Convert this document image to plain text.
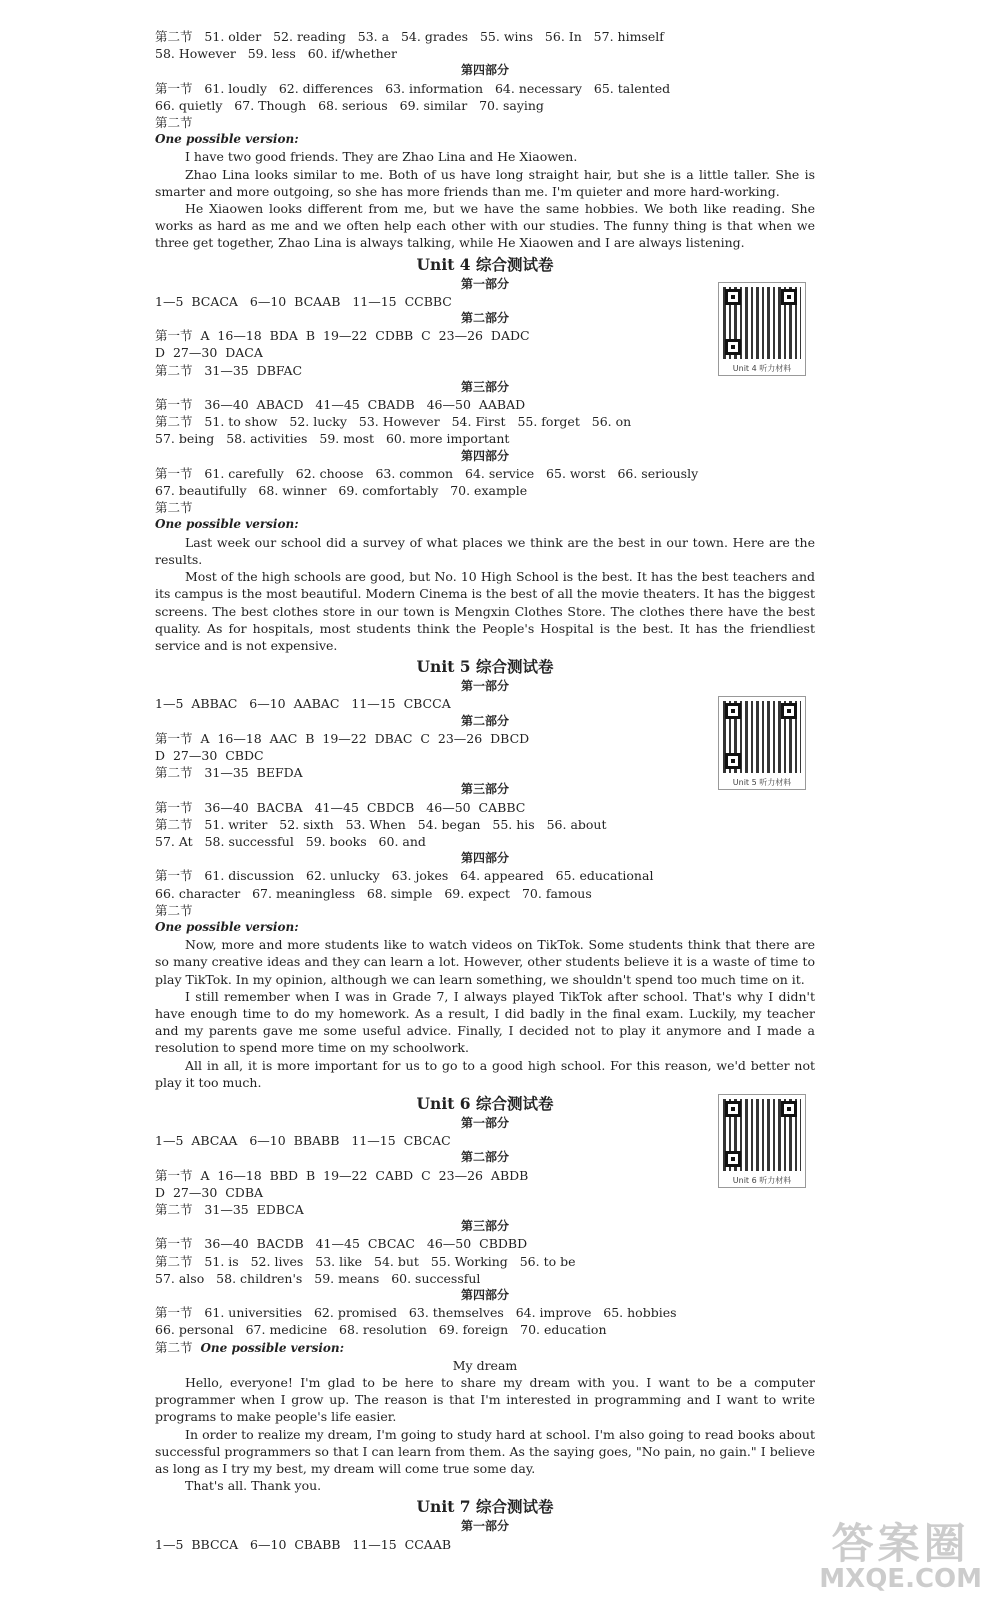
第二节   51. older   52. reading   53. a   54. grades   55. wins   56. In   57. himself

58. However   59. less   60. if/whether

第四部分

第一节   61. loudly   62. differences   63. information   64. necessary   65. talented

66. quietly   67. Though   68. serious   69. similar   70. saying

第二节

One possible version:

I have two good friends. They are Zhao Lina and He Xiaowen.

Zhao Lina looks similar to me. Both of us have long straight hair, but she is a little taller. She is smarter and more outgoing, so she has more friends than me. I'm quieter and more hard-working.

He Xiaowen looks different from me, but we have the same hobbies. We both like reading. She works as hard as me and we often help each other with our studies. The funny thing is that when we three get together, Zhao Lina is always talking, while He Xiaowen and I are always listening.

Unit 4 综合测试卷

第一部分

1—5  BCACA   6—10  BCAAB   11—15  CCBBC

第二部分

第一节  A  16—18  BDA  B  19—22  CDBB  C  23—26  DADC

D  27—30  DACA

第二节   31—35  DBFAC

第三部分

第一节   36—40  ABACD   41—45  CBADB   46—50  AABAD

第二节   51. to show   52. lucky   53. However   54. First   55. forget   56. on

57. being   58. activities   59. most   60. more important

第四部分

第一节   61. carefully   62. choose   63. common   64. service   65. worst   66. seriously

67. beautifully   68. winner   69. comfortably   70. example

第二节

One possible version:

Last week our school did a survey of what places we think are the best in our town. Here are the results.

Most of the high schools are good, but No. 10 High School is the best. It has the best teachers and its campus is the most beautiful. Modern Cinema is the best of all the movie theaters. It has the biggest screens. The best clothes store in our town is Mengxin Clothes Store. The clothes there have the best quality. As for hospitals, most students think the People's Hospital is the best. It has the friendliest service and is not expensive.

Unit 5 综合测试卷

第一部分

1—5  ABBAC   6—10  AABAC   11—15  CBCCA

第二部分

第一节  A  16—18  AAC  B  19—22  DBAC  C  23—26  DBCD

D  27—30  CBDC

第二节   31—35  BEFDA

第三部分

第一节   36—40  BACBA   41—45  CBDCB   46—50  CABBC

第二节   51. writer   52. sixth   53. When   54. began   55. his   56. about

57. At   58. successful   59. books   60. and

第四部分

第一节   61. discussion   62. unlucky   63. jokes   64. appeared   65. educational

66. character   67. meaningless   68. simple   69. expect   70. famous

第二节

One possible version:

Now, more and more students like to watch videos on TikTok. Some students think that there are so many creative ideas and they can learn a lot. However, other students believe it is a waste of time to play TikTok. In my opinion, although we can learn something, we shouldn't spend too much time on it.

I still remember when I was in Grade 7, I always played TikTok after school. That's why I didn't have enough time to do my homework. As a result, I did badly in the final exam. Luckily, my teacher and my parents gave me some useful advice. Finally, I decided not to play it anymore and I made a resolution to spend more time on my schoolwork.

All in all, it is more important for us to go to a good high school. For this reason, we'd better not play it too much.

Unit 6 综合测试卷

第一部分

1—5  ABCAA   6—10  BBABB   11—15  CBCAC

第二部分

第一节  A  16—18  BBD  B  19—22  CABD  C  23—26  ABDB

D  27—30  CDBA

第二节   31—35  EDBCA

第三部分

第一节   36—40  BACDB   41—45  CBCAC   46—50  CBDBD

第二节   51. is   52. lives   53. like   54. but   55. Working   56. to be

57. also   58. children's   59. means   60. successful

第四部分

第一节   61. universities   62. promised   63. themselves   64. improve   65. hobbies

66. personal   67. medicine   68. resolution   69. foreign   70. education

第二节  One possible version:

My dream

Hello, everyone! I'm glad to be here to share my dream with you. I want to be a computer programmer when I grow up. The reason is that I'm interested in programming and I want to write programs to make people's life easier.

In order to realize my dream, I'm going to study hard at school. I'm also going to read books about successful programmers so that I can learn from them. As the saying goes, "No pain, no gain." I believe as long as I try my best, my dream will come true some day.

That's all. Thank you.

Unit 7 综合测试卷

第一部分

1—5  BBCCA   6—10  CBABB   11—15  CCAAB

Unit 4 听力材料
Unit 5 听力材料
Unit 6 听力材料
答案圈
MXQE.COM
